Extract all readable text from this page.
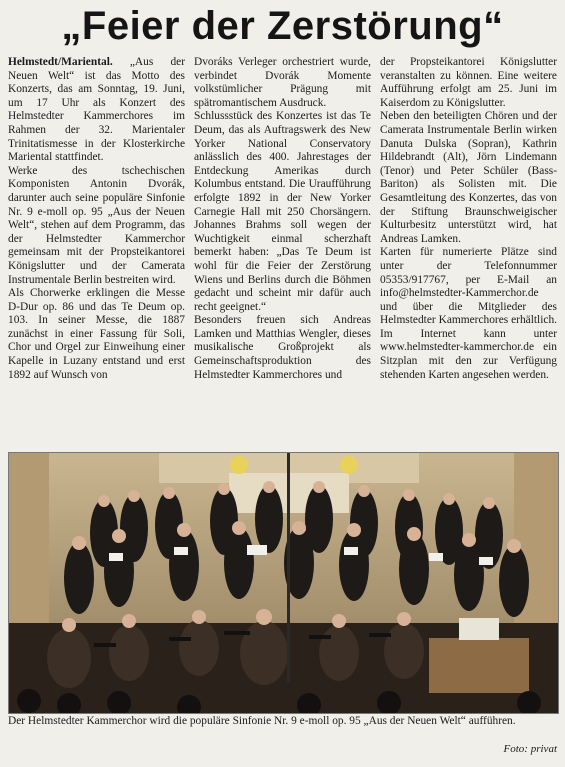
„Feier der Zerstörung“

Helmstedt/Mariental. „Aus der Neuen Welt“ ist das Motto des Konzerts, das am Sonntag, 19. Juni, um 17 Uhr als Konzert des Helmstedter Kammerchores im Rahmen der 32. Marientaler Trinitatismesse in der Klosterkirche Mariental stattfindet.

Werke des tschechischen Komponisten Antonin Dvorák, darunter auch seine populäre Sinfonie Nr. 9 e-moll op. 95 „Aus der Neuen Welt“, stehen auf dem Programm, das der Helmstedter Kammerchor gemeinsam mit der Propsteikantorei Königslutter und der Camerata Instrumentale Berlin bestreiten wird.

Als Chorwerke erklingen die Messe D-Dur op. 86 und das Te Deum op. 103. In seiner Messe, die 1887 zunächst in einer Fassung für Soli, Chor und Orgel zur Einweihung einer Kapelle in Luzany entstand und erst 1892 auf Wunsch von

Dvoráks Verleger orchestriert wurde, verbindet Dvorák Momente volkstümlicher Prägung mit spätromantischem Ausdruck.

Schlussstück des Konzertes ist das Te Deum, das als Auftragswerk des New Yorker National Conservatory anlässlich des 400. Jahrestages der Entdeckung Amerikas durch Kolumbus entstand. Die Uraufführung erfolgte 1892 in der New Yorker Carnegie Hall mit 250 Chorsängern. Johannes Brahms soll wegen der Wuchtigkeit einmal scherzhaft bemerkt haben: „Das Te Deum ist wohl für die Feier der Zerstörung Wiens und Berlins durch die Böhmen gedacht und scheint mir dafür auch recht geeignet.“

Besonders freuen sich Andreas Lamken und Matthias Wengler, dieses musikalische Großprojekt als Gemeinschaftsproduktion des Helmstedter Kammerchores und

der Propsteikantorei Königslutter veranstalten zu können. Eine weitere Aufführung erfolgt am 25. Juni im Kaiserdom zu Königslutter.

Neben den beteiligten Chören und der Camerata Instrumentale Berlin wirken Danuta Dulska (Sopran), Kathrin Hildebrandt (Alt), Jörn Lindemann (Tenor) und Peter Schüler (Bass-Bariton) als Solisten mit. Die Gesamtleitung des Konzertes, das von der Stiftung Braunschweigischer Kulturbesitz unterstützt wird, hat Andreas Lamken.

Karten für numerierte Plätze sind unter der Telefonnummer 05353/917767, per E-Mail an info@helmstedter-Kammerchor.de und über die Mitglieder des Helmstedter Kammerchores erhältlich. Im Internet kann unter www.helmstedter-kammerchor.de ein Sitzplan mit den zur Verfügung stehenden Karten angesehen werden.

Der Helmstedter Kammerchor wird die populäre Sinfonie Nr. 9 e-moll op. 95 „Aus der Neuen Welt“ aufführen.
Foto: privat
